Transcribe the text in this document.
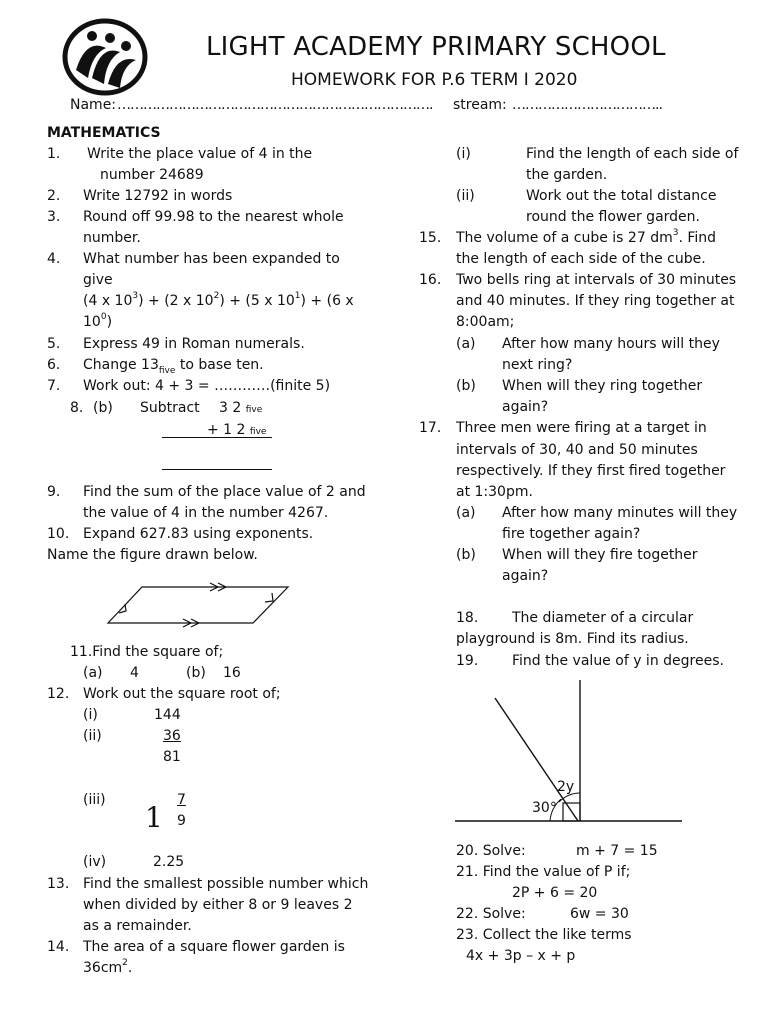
LIGHT ACADEMY PRIMARY SCHOOL
HOMEWORK FOR P.6 TERM I 2020
Name: ………………………………………………………………. stream: ……………………………..
MATHEMATICS
1. Write the place value of 4 in the
number 24689
2. Write 12792 in words
3. Round off 99.98 to the nearest whole
number.
4. What number has been expanded to
give
(4 x $10^3) + (2$ x $10^2) + (5$ x $10^1) + (6$ x
$10^0$)
5. Express 49 in Roman numerals.
6. Change $13_{five}$ to base ten.
7. Work out: 4 + 3 = …………(finite 5)
8. (b) Subtract 3 2 five
+ 1 2 five
9. Find the sum of the place value of 2 and
the value of 4 in the number 4267.
10. Expand 627.83 using exponents.
Name the figure drawn below.
11.Find the square of;
(a) 4	(b) 16
12. Work out the square root of;
(i)	144
(ii)	36
81
(iii)
1
7
9
(iv)	2.25
13. Find the smallest possible number which
when divided by either 8 or 9 leaves 2
as a remainder.
14. The area of a square flower garden is
$36cm^2$.
(i)	Find the length of each side of
the garden.
(ii)	Work out the total distance
round the flower garden.
15. The volume of a cube is 27 $dm^3$. Find
the length of each side of the cube.
16. Two bells ring at intervals of 30 minutes
and 40 minutes. If they ring together at
8:00am;
(a) After how many hours will they
next ring?
(b) When will they ring together
again?
17. Three men were firing at a target in
intervals of 30, 40 and 50 minutes
respectively. If they first fired together
at 1:30pm.
(a) After how many minutes will they
fire together again?
(b) When will they fire together
again?
18. The diameter of a circular
playground is 8m. Find its radius.
19. Find the value of y in degrees.
2y
30°
20. Solve:	m + 7 = 15
21. Find the value of P if;
2P + 6 = 20
22. Solve:	6w = 30
23. Collect the like terms
4x + 3p – x + p
